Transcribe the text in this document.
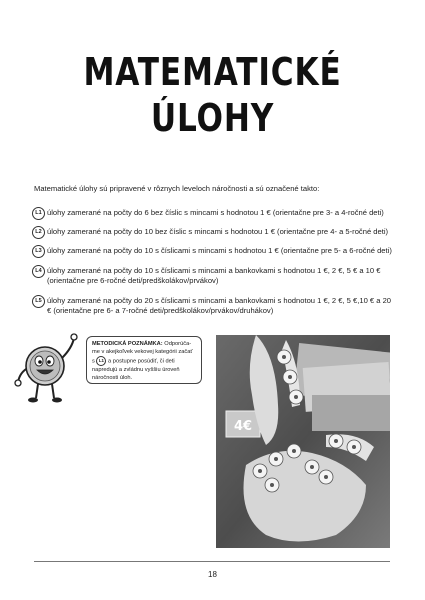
MATEMATICKÉ
ÚLOHY
Matematické úlohy sú pripravené v rôznych leveloch náročnosti a sú označené takto:
L1 úlohy zamerané na počty do 6 bez číslic s mincami s hodnotou 1 € (orientačne pre 3- a 4-ročné deti)
L2 úlohy zamerané na počty do 10 bez číslic s mincami s hodnotou 1 € (orientačne pre 4- a 5-ročné deti)
L3 úlohy zamerané na počty do 10 s číslicami s mincami s hodnotou 1 € (orientačne pre 5- a 6-ročné deti)
L4 úlohy zamerané na počty do 10 s číslicami s mincami a bankovkami s hodnotou 1 €, 2 €, 5 € a 10 € (orientačne pre 6-ročné deti/predškolákov/prvákov)
L5 úlohy zamerané na počty do 20 s číslicami s mincami a bankovkami s hodnotou 1 €, 2 €, 5 €,10 € a 20 € (orientačne pre 6- a 7-ročné deti/predškolákov/prvákov/druhákov)
METODICKÁ POZNÁMKA: Odporúča-me v akejkoľvek vekovej kategórii začať s L1 a postupne posúdiť, či deti napredujú a zvládnu vyššiu úroveň náročnosti úloh.
4€
18
